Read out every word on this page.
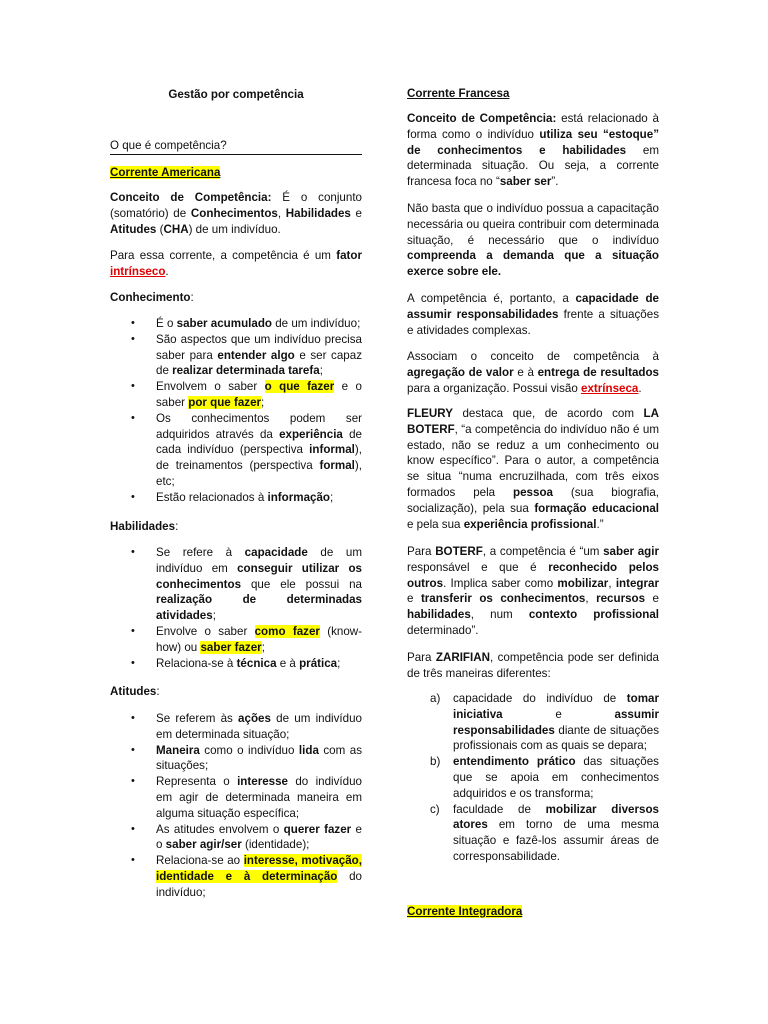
Gestão por competência

O que é competência?

Corrente Americana

Conceito de Competência: É o conjunto (somatório) de Conhecimentos, Habilidades e Atitudes (CHA) de um indivíduo.

Para essa corrente, a competência é um fator intrínseco.

Conhecimento:

• É o saber acumulado de um indivíduo;
• São aspectos que um indivíduo precisa saber para entender algo e ser capaz de realizar determinada tarefa;
• Envolvem o saber o que fazer e o saber por que fazer;
• Os conhecimentos podem ser adquiridos através da experiência de cada indivíduo (perspectiva informal), de treinamentos (perspectiva formal), etc;
• Estão relacionados à informação;

Habilidades:

• Se refere à capacidade de um indivíduo em conseguir utilizar os conhecimentos que ele possui na realização de determinadas atividades;
• Envolve o saber como fazer (know-how) ou saber fazer;
• Relaciona-se à técnica e à prática;

Atitudes:

• Se referem às ações de um indivíduo em determinada situação;
• Maneira como o indivíduo lida com as situações;
• Representa o interesse do indivíduo em agir de determinada maneira em alguma situação específica;
• As atitudes envolvem o querer fazer e o saber agir/ser (identidade);
• Relaciona-se ao interesse, motivação, identidade e à determinação do indivíduo;

Corrente Francesa

Conceito de Competência: está relacionado à forma como o indivíduo utiliza seu “estoque” de conhecimentos e habilidades em determinada situação. Ou seja, a corrente francesa foca no “saber ser”.

Não basta que o indivíduo possua a capacitação necessária ou queira contribuir com determinada situação, é necessário que o indivíduo compreenda a demanda que a situação exerce sobre ele.

A competência é, portanto, a capacidade de assumir responsabilidades frente a situações e atividades complexas.

Associam o conceito de competência à agregação de valor e à entrega de resultados para a organização. Possui visão extrínseca.

FLEURY destaca que, de acordo com LA BOTERF, “a competência do indivíduo não é um estado, não se reduz a um conhecimento ou know específico”. Para o autor, a competência se situa “numa encruzilhada, com três eixos formados pela pessoa (sua biografia, socialização), pela sua formação educacional e pela sua experiência profissional.”

Para BOTERF, a competência é “um saber agir responsável e que é reconhecido pelos outros. Implica saber como mobilizar, integrar e transferir os conhecimentos, recursos e habilidades, num contexto profissional determinado”.

Para ZARIFIAN, competência pode ser definida de três maneiras diferentes:

a) capacidade do indivíduo de tomar iniciativa e assumir responsabilidades diante de situações profissionais com as quais se depara;
b) entendimento prático das situações que se apoia em conhecimentos adquiridos e os transforma;
c) faculdade de mobilizar diversos atores em torno de uma mesma situação e fazê-los assumir áreas de corresponsabilidade.

Corrente Integradora
